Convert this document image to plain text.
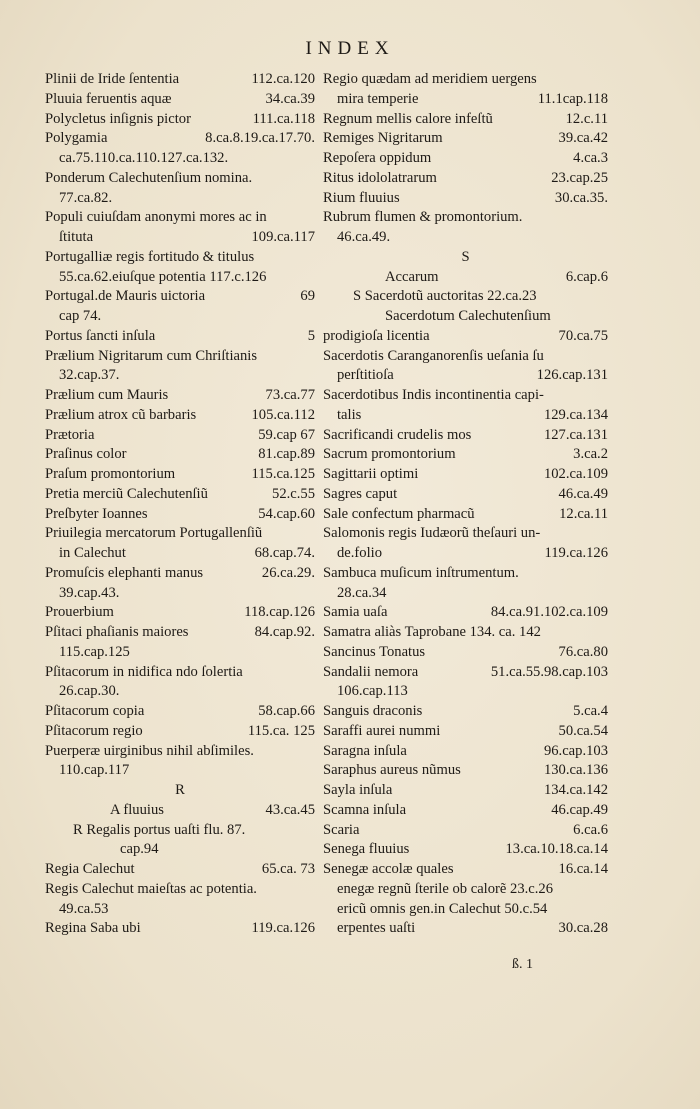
INDEX
Plinii de Iride ſententia	112.ca.120
Pluuia feruentis aquæ	34.ca.39
Polycletus inſignis pictor	111.ca.118
Polygamia	8.ca.8.19.ca.17.70.
ca.75.110.ca.110.127.ca.132.
Ponderum Calechutenſium nomina.
77.ca.82.
Populi cuiuſdam anonymi mores ac in
ſtituta	109.ca.117
Portugalliæ regis fortitudo & titulus
55.ca.62.eiuſque potentia 117.c.126
Portugal.de Mauris uictoria	69
cap 74.
Portus ſancti inſula	5
Prælium Nigritarum cum Chriſtianis
32.cap.37.
Prælium cum Mauris	73.ca.77
Prælium atrox cũ barbaris	105.ca.112
Prætoria	59.cap 67
Praſinus color	81.cap.89
Praſum promontorium	115.ca.125
Pretia merciũ Calechutenſiũ	52.c.55
Preſbyter Ioannes	54.cap.60
Priuilegia mercatorum Portugallenſiũ
in Calechut	68.cap.74.
Promuſcis elephanti manus	26.ca.29.
39.cap.43.
Prouerbium	118.cap.126
Pſitaci phaſianis maiores	84.cap.92.
115.cap.125
Pſitacorum in nidifica ndo ſolertia
26.cap.30.
Pſitacorum copia	58.cap.66
Pſitacorum regio	115.ca. 125
Puerperæ uirginibus nihil abſimiles.
110.cap.117
R
A fluuius	43.ca.45
R Regalis portus uaſti flu. 87.
cap.94
Regia Calechut	65.ca. 73
Regis Calechut maieſtas ac potentia.
49.ca.53
Regina Saba ubi	119.ca.126
Regio quædam ad meridiem uergens
mira temperie	11.1cap.118
Regnum mellis calore infeſtũ	12.c.11
Remiges Nigritarum	39.ca.42
Repoſera oppidum	4.ca.3
Ritus idololatrarum	23.cap.25
Rium fluuius	30.ca.35.
Rubrum flumen & promontorium.
46.ca.49.
S
Accarum	6.cap.6
S Sacerdotũ auctoritas 22.ca.23
Sacerdotum Calechutenſium
prodigioſa licentia	70.ca.75
Sacerdotis Caranganorenſis ueſania ſu
perſtitioſa	126.cap.131
Sacerdotibus Indis incontinentia capi-
talis	129.ca.134
Sacrificandi crudelis mos	127.ca.131
Sacrum promontorium	3.ca.2
Sagittarii optimi	102.ca.109
Sagres caput	46.ca.49
Sale confectum pharmacũ	12.ca.11
Salomonis regis Iudæorũ theſauri un-
de.folio	119.ca.126
Sambuca muſicum inſtrumentum.
28.ca.34
Samia uaſa	84.ca.91.102.ca.109
Samatra aliàs Taprobane 134. ca. 142
Sancinus Tonatus	76.ca.80
Sandalii nemora	51.ca.55.98.cap.103
106.cap.113
Sanguis draconis	5.ca.4
Saraffi aurei nummi	50.ca.54
Saragna inſula	96.cap.103
Saraphus aureus nũmus	130.ca.136
Sayla inſula	134.ca.142
Scamna inſula	46.cap.49
Scaria	6.ca.6
Senega fluuius	13.ca.10.18.ca.14
Senegæ accolæ quales	16.ca.14
enegæ regnũ ſterile ob calorẽ 23.c.26
ericũ omnis gen.in Calechut 50.c.54
erpentes uaſti	30.ca.28
ß. 1
